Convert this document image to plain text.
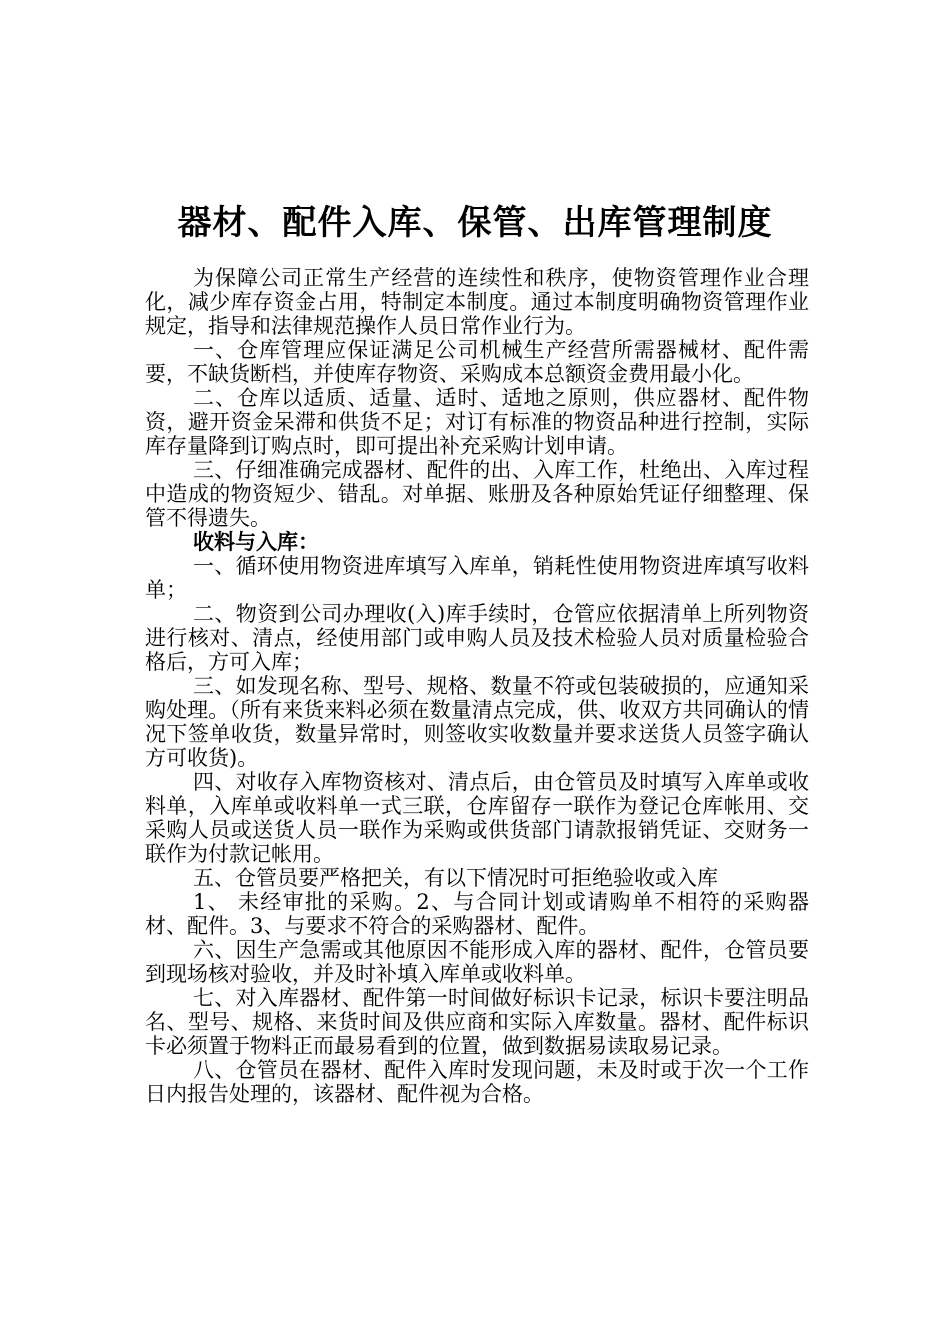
器材、配件入库、保管、出库管理制度

为保障公司正常生产经营的连续性和秩序，使物资管理作业合理化，减少库存资金占用，特制定本制度。通过本制度明确物资管理作业规定，指导和法律规范操作人员日常作业行为。

一、仓库管理应保证满足公司机械生产经营所需器械材、配件需要，不缺货断档，并使库存物资、采购成本总额资金费用最小化。

二、仓库以适质、适量、适时、适地之原则，供应器材、配件物资，避开资金呆滞和供货不足；对订有标准的物资品种进行控制，实际库存量降到订购点时，即可提出补充采购计划申请。

三、仔细准确完成器材、配件的出、入库工作，杜绝出、入库过程中造成的物资短少、错乱。对单据、账册及各种原始凭证仔细整理、保管不得遗失。

收料与入库：

一、循环使用物资进库填写入库单，销耗性使用物资进库填写收料单；

二、物资到公司办理收(入)库手续时，仓管应依据清单上所列物资进行核对、清点，经使用部门或申购人员及技术检验人员对质量检验合格后，方可入库；

三、如发现名称、型号、规格、数量不符或包装破损的，应通知采购处理。（所有来货来料必须在数量清点完成，供、收双方共同确认的情况下签单收货，数量异常时，则签收实收数量并要求送货人员签字确认方可收货)。

四、对收存入库物资核对、清点后，由仓管员及时填写入库单或收料单，入库单或收料单一式三联，仓库留存一联作为登记仓库帐用、交采购人员或送货人员一联作为采购或供货部门请款报销凭证、交财务一联作为付款记帐用。

五、仓管员要严格把关，有以下情况时可拒绝验收或入库

1、 未经审批的采购。2、与合同计划或请购单不相符的采购器材、配件。3、与要求不符合的采购器材、配件。

六、因生产急需或其他原因不能形成入库的器材、配件，仓管员要到现场核对验收，并及时补填入库单或收料单。

七、对入库器材、配件第一时间做好标识卡记录，标识卡要注明品名、型号、规格、来货时间及供应商和实际入库数量。器材、配件标识卡必须置于物料正而最易看到的位置，做到数据易读取易记录。

八、仓管员在器材、配件入库时发现问题，未及时或于次一个工作日内报告处理的，该器材、配件视为合格。
